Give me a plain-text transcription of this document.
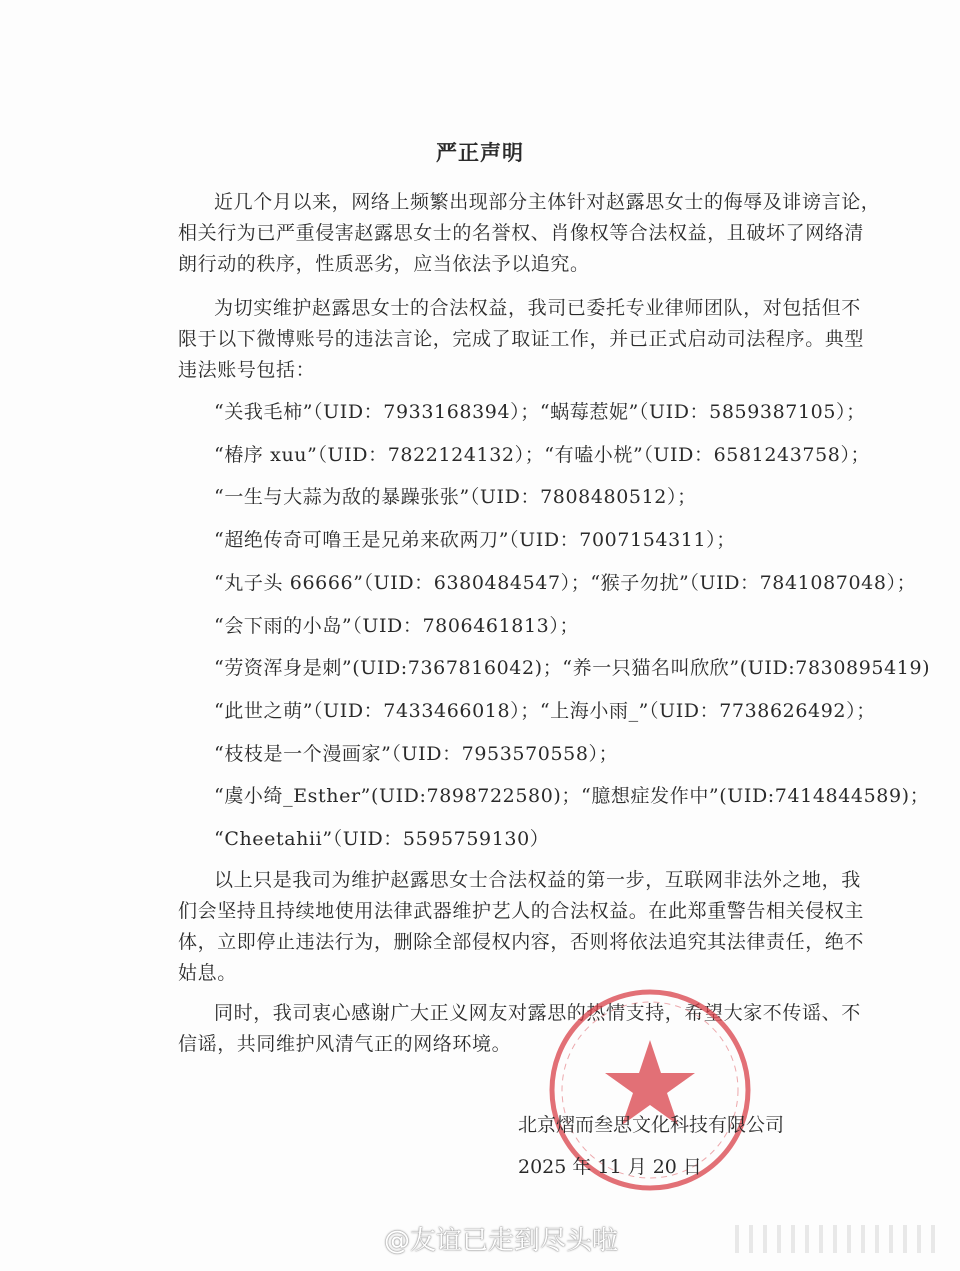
严正声明
近几个月以来，网络上频繁出现部分主体针对赵露思女士的侮辱及诽谤言论，
相关行为已严重侵害赵露思女士的名誉权、肖像权等合法权益，且破坏了网络清
朗行动的秩序，性质恶劣，应当依法予以追究。
为切实维护赵露思女士的合法权益，我司已委托专业律师团队，对包括但不
限于以下微博账号的违法言论，完成了取证工作，并已正式启动司法程序。典型
违法账号包括：
以上只是我司为维护赵露思女士合法权益的第一步，互联网非法外之地，我
们会坚持且持续地使用法律武器维护艺人的合法权益。在此郑重警告相关侵权主
体，立即停止违法行为，删除全部侵权内容，否则将依法追究其法律责任，绝不
姑息。
同时，我司衷心感谢广大正义网友对露思的热情支持，希望大家不传谣、不
信谣，共同维护风清气正的网络环境。
“关我毛柿”（UID：7933168394）；“蜗莓惹妮”（UID：5859387105）；
“椿序 xuu”（UID：7822124132）；“有嗑小桄”（UID：6581243758）；
“一生与大蒜为敌的暴躁张张”（UID：7808480512）；
“超绝传奇可噜王是兄弟来砍两刀”（UID：7007154311）；
“丸子头 66666”（UID：6380484547）；“猴子勿扰”（UID：7841087048）；
“会下雨的小岛”（UID：7806461813）；
“劳资浑身是刺”(UID:7367816042)；“养一只猫名叫欣欣”(UID:7830895419)
“此世之萌”（UID：7433466018）；“上海小雨_”（UID：7738626492）；
“枝枝是一个漫画家”（UID：7953570558）；
“虞小绮_Esther”(UID:7898722580)；“臆想症发作中”(UID:7414844589)；
“Cheetahii”（UID：5595759130）
北京熠而叁思文化科技有限公司
2025 年 11 月 20 日
@友谊已走到尽头啦
